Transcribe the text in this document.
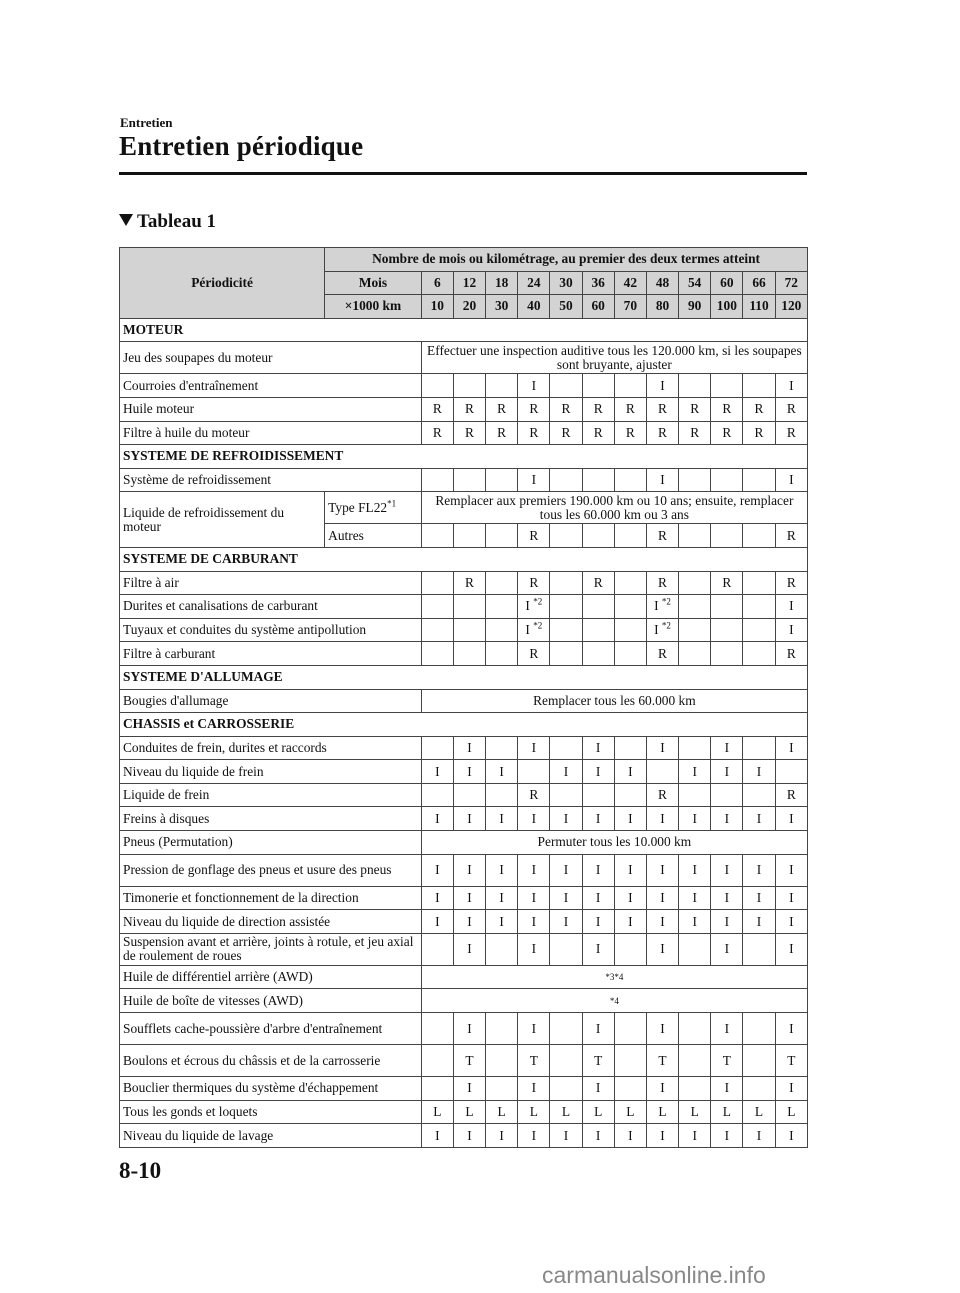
Entretien
Entretien périodique
Tableau 1
Périodicité	Nombre de mois ou kilométrage, au premier des deux termes atteint												
	Mois	6	12	18	24	30	36	42	48	54	60	66	72
	×1000 km	10	20	30	40	50	60	70	80	90	100	110	120
MOTEUR													
Jeu des soupapes du moteur		Effectuer une inspection auditive tous les 120.000 km, si les soupapes sont bruyante, ajuster											
Courroies d'entraînement					I				I				I
Huile moteur		R	R	R	R	R	R	R	R	R	R	R	R
Filtre à huile du moteur		R	R	R	R	R	R	R	R	R	R	R	R
SYSTEME DE REFROIDISSEMENT													
Système de refroidissement					I				I				I
Liquide de refroidissement du moteur	Type FL22$^{*1}$	Remplacer aux premiers 190.000 km ou 10 ans; ensuite, remplacer tous les 60.000 km ou 3 ans											
	Autres				R				R				R
SYSTEME DE CARBURANT													
Filtre à air			R		R		R		R		R		R
Durites et canalisations de carburant					I $^{*2}$				I $^{*2}$				I
Tuyaux et conduites du système antipollution					I $^{*2}$				I $^{*2}$				I
Filtre à carburant					R				R				R
SYSTEME D'ALLUMAGE													
Bougies d'allumage		Remplacer tous les 60.000 km											
CHASSIS et CARROSSERIE													
Conduites de frein, durites et raccords			I		I		I		I		I		I
Niveau du liquide de frein		I	I	I		I	I	I		I	I	I	
Liquide de frein					R				R				R
Freins à disques		I	I	I	I	I	I	I	I	I	I	I	I
Pneus (Permutation)		Permuter tous les 10.000 km											
Pression de gonflage des pneus et usure des pneus		I	I	I	I	I	I	I	I	I	I	I	I
Timonerie et fonctionnement de la direction		I	I	I	I	I	I	I	I	I	I	I	I
Niveau du liquide de direction assistée		I	I	I	I	I	I	I	I	I	I	I	I
Suspension avant et arrière, joints à rotule, et jeu axial de roulement de roues			I		I		I		I		I		I
Huile de différentiel arrière (AWD)		*3*4											
Huile de boîte de vitesses (AWD)		*4											
Soufflets cache-poussière d'arbre d'entraînement			I		I		I		I		I		I
Boulons et écrous du châssis et de la carrosserie			T		T		T		T		T		T
Bouclier thermiques du système d'échappement			I		I		I		I		I		I
Tous les gonds et loquets		L	L	L	L	L	L	L	L	L	L	L	L
Niveau du liquide de lavage		I	I	I	I	I	I	I	I	I	I	I	I
8-10
carmanualsonline.info
